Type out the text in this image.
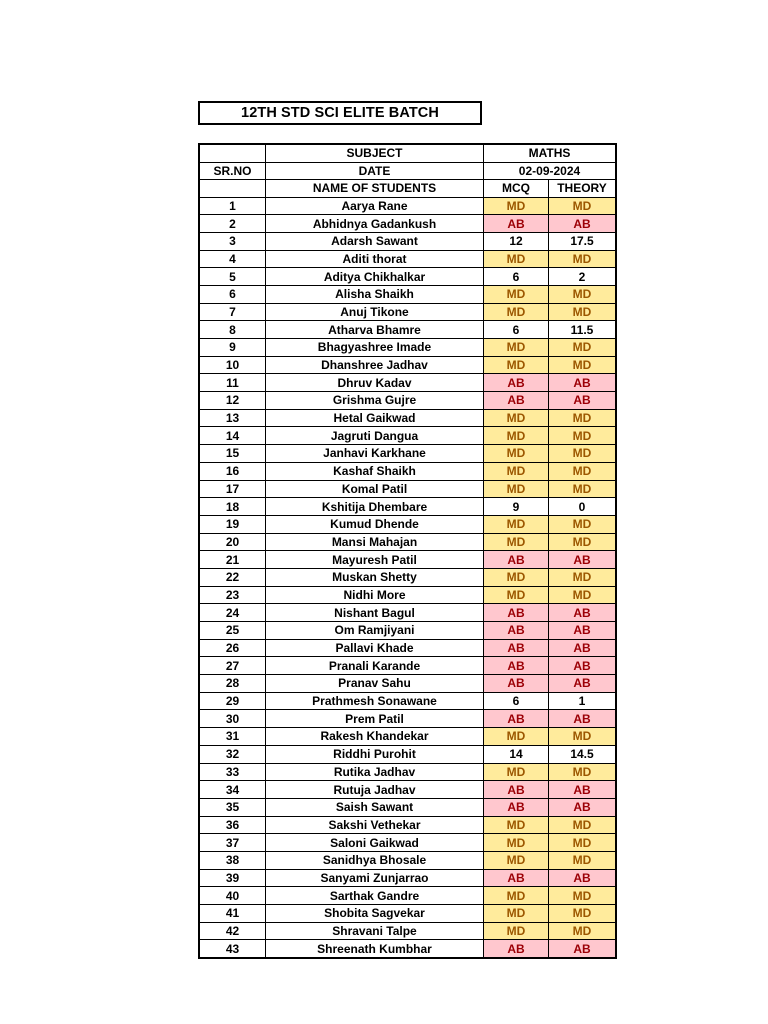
12TH STD SCI ELITE BATCH
	SUBJECT	MATHS	
SR.NO	DATE	02-09-2024	
	NAME OF STUDENTS	MCQ	THEORY
1	Aarya Rane	MD	MD
2	Abhidnya Gadankush	AB	AB
3	Adarsh Sawant	12	17.5
4	Aditi thorat	MD	MD
5	Aditya Chikhalkar	6	2
6	Alisha Shaikh	MD	MD
7	Anuj Tikone	MD	MD
8	Atharva Bhamre	6	11.5
9	Bhagyashree Imade	MD	MD
10	Dhanshree Jadhav	MD	MD
11	Dhruv Kadav	AB	AB
12	Grishma Gujre	AB	AB
13	Hetal Gaikwad	MD	MD
14	Jagruti Dangua	MD	MD
15	Janhavi Karkhane	MD	MD
16	Kashaf Shaikh	MD	MD
17	Komal Patil	MD	MD
18	Kshitija Dhembare	9	0
19	Kumud Dhende	MD	MD
20	Mansi Mahajan	MD	MD
21	Mayuresh Patil	AB	AB
22	Muskan Shetty	MD	MD
23	Nidhi More	MD	MD
24	Nishant Bagul	AB	AB
25	Om Ramjiyani	AB	AB
26	Pallavi Khade	AB	AB
27	Pranali Karande	AB	AB
28	Pranav Sahu	AB	AB
29	Prathmesh Sonawane	6	1
30	Prem Patil	AB	AB
31	Rakesh Khandekar	MD	MD
32	Riddhi Purohit	14	14.5
33	Rutika Jadhav	MD	MD
34	Rutuja Jadhav	AB	AB
35	Saish Sawant	AB	AB
36	Sakshi Vethekar	MD	MD
37	Saloni Gaikwad	MD	MD
38	Sanidhya Bhosale	MD	MD
39	Sanyami Zunjarrao	AB	AB
40	Sarthak Gandre	MD	MD
41	Shobita Sagvekar	MD	MD
42	Shravani Talpe	MD	MD
43	Shreenath Kumbhar	AB	AB
